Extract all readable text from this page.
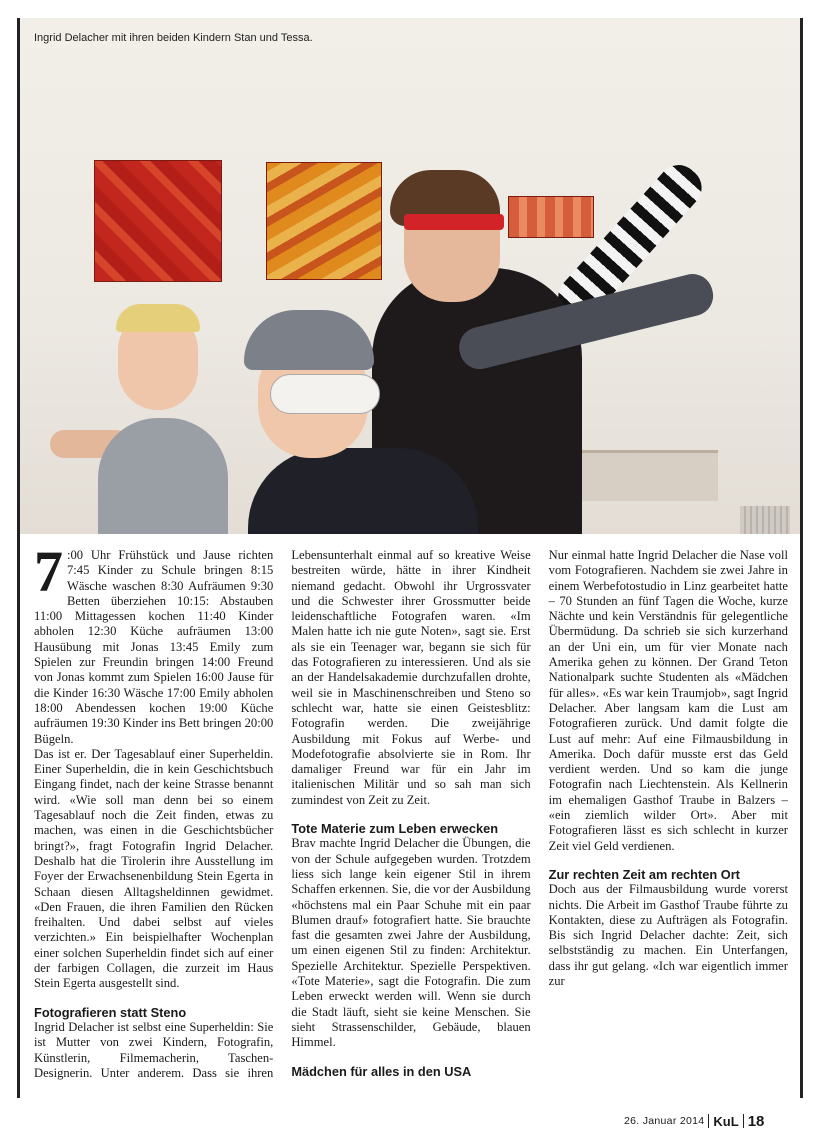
Ingrid Delacher mit ihren beiden Kindern Stan und Tessa.

7 :00 Uhr Frühstück und Jause richten 7:45 Kinder zu Schule bringen 8:15 Wäsche waschen 8:30 Aufräumen 9:30 Betten überziehen 10:15: Abstauben 11:00 Mittagessen kochen 11:40 Kinder abholen 12:30 Küche aufräumen 13:00 Hausübung mit Jonas 13:45 Emily zum Spielen zur Freundin bringen 14:00 Freund von Jonas kommt zum Spielen 16:00 Jause für die Kinder 16:30 Wäsche 17:00 Emily abholen 18:00 Abendessen kochen 19:00 Küche aufräumen 19:30 Kinder ins Bett bringen 20:00 Bügeln.

Das ist er. Der Tagesablauf einer Superheldin. Einer Superheldin, die in kein Geschichtsbuch Eingang findet, nach der keine Strasse benannt wird. «Wie soll man denn bei so einem Tagesablauf noch die Zeit finden, etwas zu machen, was einen in die Geschichtsbücher bringt?», fragt Fotografin Ingrid Delacher. Deshalb hat die Tirolerin ihre Ausstellung im Foyer der Erwachsenenbildung Stein Egerta in Schaan diesen Alltagsheldinnen gewidmet. «Den Frauen, die ihren Familien den Rücken freihalten. Und dabei selbst auf vieles verzichten.» Ein beispielhafter Wochenplan einer solchen Superheldin findet sich auf einer der farbigen Collagen, die zurzeit im Haus Stein Egerta ausgestellt sind.

Fotografieren statt Steno

Ingrid Delacher ist selbst eine Superheldin: Sie ist Mutter von zwei Kindern, Fotografin, Künstlerin, Filmemacherin, Taschen-Designerin. Unter anderem. Dass sie ihren Lebensunterhalt einmal auf so kreative Weise bestreiten würde, hätte in ihrer Kindheit niemand gedacht. Obwohl ihr Urgrossvater und die Schwester ihrer Grossmutter beide leidenschaftliche Fotografen waren. «Im Malen hatte ich nie gute Noten», sagt sie. Erst als sie ein Teenager war, begann sie sich für das Fotografieren zu interessieren. Und als sie an der Handelsakademie durchzufallen drohte, weil sie in Maschinenschreiben und Steno so schlecht war, hatte sie einen Geistesblitz: Fotografin werden. Die zweijährige Ausbildung mit Fokus auf Werbe- und Modefotografie absolvierte sie in Rom. Ihr damaliger Freund war für ein Jahr im italienischen Militär und so sah man sich zumindest von Zeit zu Zeit.

Tote Materie zum Leben erwecken

Brav machte Ingrid Delacher die Übungen, die von der Schule aufgegeben wurden. Trotzdem liess sich lange kein eigener Stil in ihrem Schaffen erkennen. Sie, die vor der Ausbildung «höchstens mal ein Paar Schuhe mit ein paar Blumen drauf» fotografiert hatte. Sie brauchte fast die gesamten zwei Jahre der Ausbildung, um einen eigenen Stil zu finden: Architektur. Spezielle Architektur. Spezielle Perspektiven. «Tote Materie», sagt die Fotografin. Die zum Leben erweckt werden will. Wenn sie durch die Stadt läuft, sieht sie keine Menschen. Sie sieht Strassenschilder, Gebäude, blauen Himmel.

Mädchen für alles in den USA

Nur einmal hatte Ingrid Delacher die Nase voll vom Fotografieren. Nachdem sie zwei Jahre in einem Werbefotostudio in Linz gearbeitet hatte – 70 Stunden an fünf Tagen die Woche, kurze Nächte und kein Verständnis für gelegentliche Übermüdung. Da schrieb sie sich kurzerhand an der Uni ein, um für vier Monate nach Amerika gehen zu können. Der Grand Teton Nationalpark suchte Studenten als «Mädchen für alles». «Es war kein Traumjob», sagt Ingrid Delacher. Aber langsam kam die Lust am Fotografieren zurück. Und damit folgte die Lust auf mehr: Auf eine Filmausbildung in Amerika. Doch dafür musste erst das Geld verdient werden. Und so kam die junge Fotografin nach Liechtenstein. Als Kellnerin im ehemaligen Gasthof Traube in Balzers – «ein ziemlich wilder Ort». Aber mit Fotografieren lässt es sich schlecht in kurzer Zeit viel Geld verdienen.

Zur rechten Zeit am rechten Ort

Doch aus der Filmausbildung wurde vorerst nichts. Die Arbeit im Gasthof Traube führte zu Kontakten, diese zu Aufträgen als Fotografin. Bis sich Ingrid Delacher dachte: Zeit, sich selbstständig zu machen. Ein Unterfangen, dass ihr gut gelang. «Ich war eigentlich immer zur

26. Januar 2014 KuL 18
